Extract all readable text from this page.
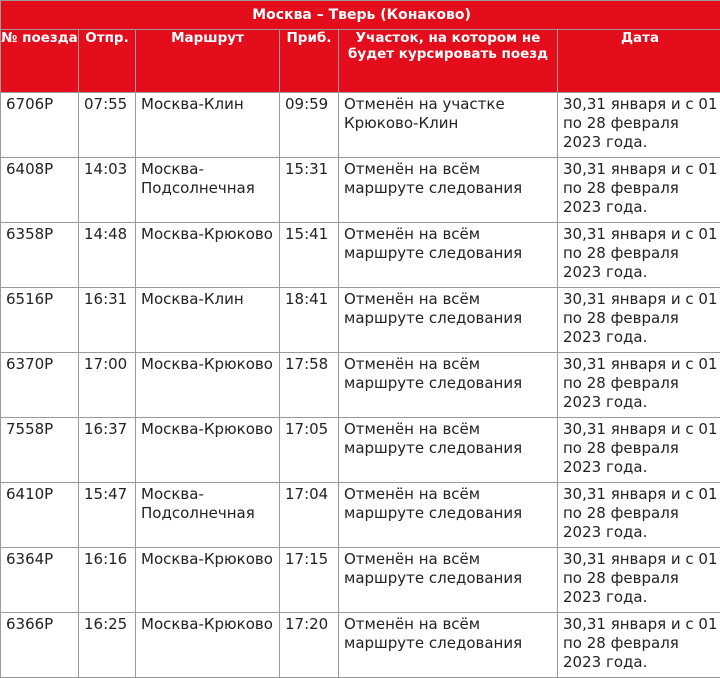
Москва – Тверь (Конаково)					
№ поезда	Отпр.	Маршрут	Приб.	Участок, на котором не будет курсировать поезд	Дата
6706Р	07:55	Москва-Клин	09:59	Отменён на участке Крюково-Клин	30,31 января и с 01 по 28 февраля 2023 года.
6408Р	14:03	Москва-Подсолнечная	15:31	Отменён на всём маршруте следования	30,31 января и с 01 по 28 февраля 2023 года.
6358Р	14:48	Москва-Крюково	15:41	Отменён на всём маршруте следования	30,31 января и с 01 по 28 февраля 2023 года.
6516Р	16:31	Москва-Клин	18:41	Отменён на всём маршруте следования	30,31 января и с 01 по 28 февраля 2023 года.
6370Р	17:00	Москва-Крюково	17:58	Отменён на всём маршруте следования	30,31 января и с 01 по 28 февраля 2023 года.
7558Р	16:37	Москва-Крюково	17:05	Отменён на всём маршруте следования	30,31 января и с 01 по 28 февраля 2023 года.
6410Р	15:47	Москва-Подсолнечная	17:04	Отменён на всём маршруте следования	30,31 января и с 01 по 28 февраля 2023 года.
6364Р	16:16	Москва-Крюково	17:15	Отменён на всём маршруте следования	30,31 января и с 01 по 28 февраля 2023 года.
6366Р	16:25	Москва-Крюково	17:20	Отменён на всём маршруте следования	30,31 января и с 01 по 28 февраля 2023 года.
